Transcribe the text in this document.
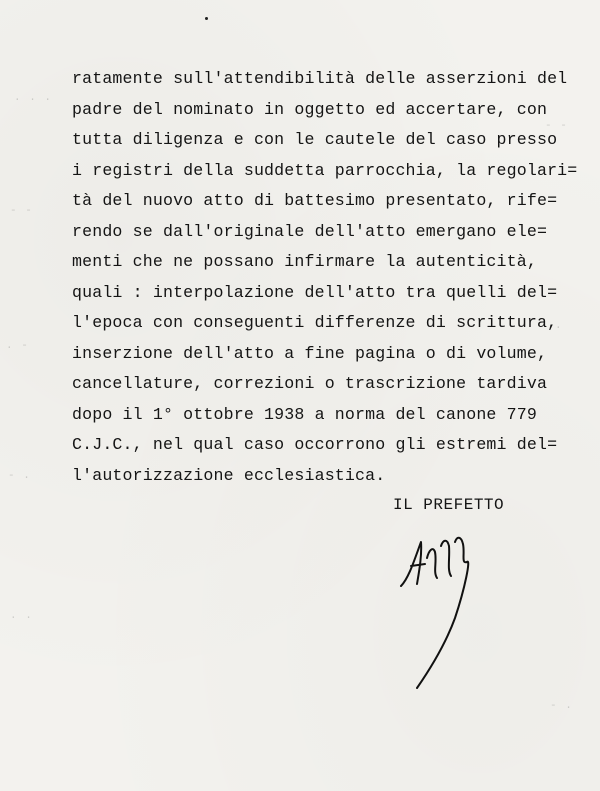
. . .
- -
. -
- .
. .
- -
.
- .
ratamente sull'attendibilità delle asserzioni del
padre del nominato in oggetto ed accertare, con
tutta diligenza e con le cautele del caso presso
i registri della suddetta parrocchia, la regolari=
tà del nuovo atto di battesimo presentato, rife=
rendo se dall'originale dell'atto emergano ele=
menti che ne possano infirmare la autenticità,
quali : interpolazione dell'atto tra quelli del=
l'epoca con conseguenti differenze di scrittura,
inserzione dell'atto a fine pagina o di volume,
cancellature, correzioni o trascrizione tardiva
dopo il 1° ottobre 1938 a norma del canone 779
C.J.C., nel qual caso occorrono gli estremi del=
l'autorizzazione ecclesiastica.
IL PREFETTO
